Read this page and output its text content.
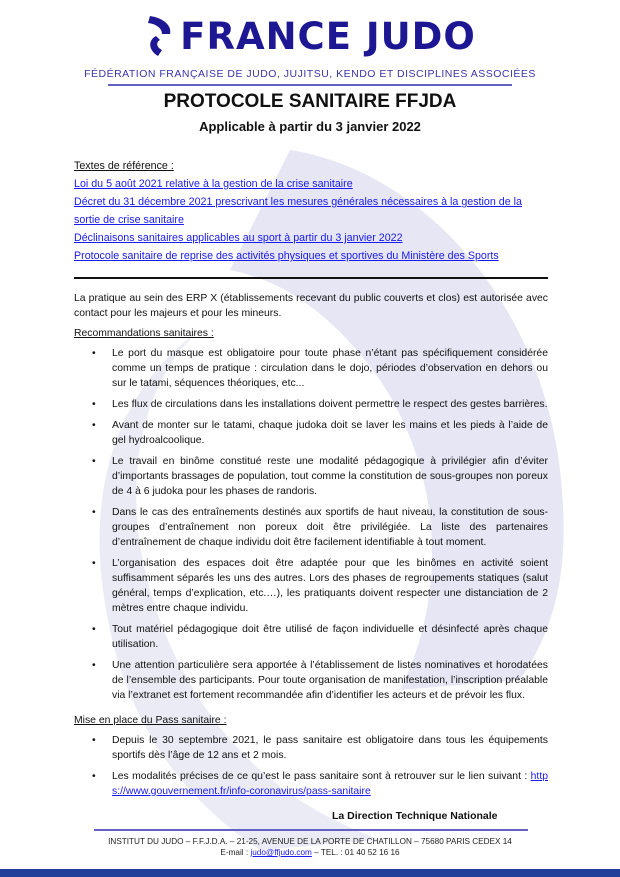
FRANCE JUDO
FÉDÉRATION FRANÇAISE DE JUDO, JUJITSU, KENDO ET DISCIPLINES ASSOCIÉES
PROTOCOLE SANITAIRE FFJDA
Applicable à partir du 3 janvier 2022
Textes de référence :
Loi du 5 août 2021 relative à la gestion de la crise sanitaire
Décret du 31 décembre 2021 prescrivant les mesures générales nécessaires à la gestion de la sortie de crise sanitaire
Déclinaisons sanitaires applicables au sport à partir du 3 janvier 2022
Protocole sanitaire de reprise des activités physiques et sportives du Ministère des Sports

La pratique au sein des ERP X (établissements recevant du public couverts et clos) est autorisée avec contact pour les majeurs et pour les mineurs.

Recommandations sanitaires :

• Le port du masque est obligatoire pour toute phase n’étant pas spécifiquement considérée comme un temps de pratique : circulation dans le dojo, périodes d’observation en dehors ou sur le tatami, séquences théoriques, etc...
• Les flux de circulations dans les installations doivent permettre le respect des gestes barrières.
• Avant de monter sur le tatami, chaque judoka doit se laver les mains et les pieds à l’aide de gel hydroalcoolique.
• Le travail en binôme constitué reste une modalité pédagogique à privilégier afin d’éviter d’importants brassages de population, tout comme la constitution de sous-groupes non poreux de 4 à 6 judoka pour les phases de randoris.
• Dans le cas des entraînements destinés aux sportifs de haut niveau, la constitution de sous-groupes d’entraînement non poreux doit être privilégiée. La liste des partenaires d’entraînement de chaque individu doit être facilement identifiable à tout moment.
• L’organisation des espaces doit être adaptée pour que les binômes en activité soient suffisamment séparés les uns des autres. Lors des phases de regroupements statiques (salut général, temps d’explication, etc.…), les pratiquants doivent respecter une distanciation de 2 mètres entre chaque individu.
• Tout matériel pédagogique doit être utilisé de façon individuelle et désinfecté après chaque utilisation.
• Une attention particulière sera apportée à l’établissement de listes nominatives et horodatées de l’ensemble des participants. Pour toute organisation de manifestation, l’inscription préalable via l’extranet est fortement recommandée afin d’identifier les acteurs et de prévoir les flux.

Mise en place du Pass sanitaire :

• Depuis le 30 septembre 2021, le pass sanitaire est obligatoire dans tous les équipements sportifs dès l’âge de 12 ans et 2 mois.
• Les modalités précises de ce qu’est le pass sanitaire sont à retrouver sur le lien suivant : https://www.gouvernement.fr/info-coronavirus/pass-sanitaire
La Direction Technique Nationale
INSTITUT DU JUDO – F.F.J.D.A. – 21-25, AVENUE DE LA PORTE DE CHATILLON – 75680 PARIS CEDEX 14
E-mail : judo@ffjudo.com – TEL. : 01 40 52 16 16
